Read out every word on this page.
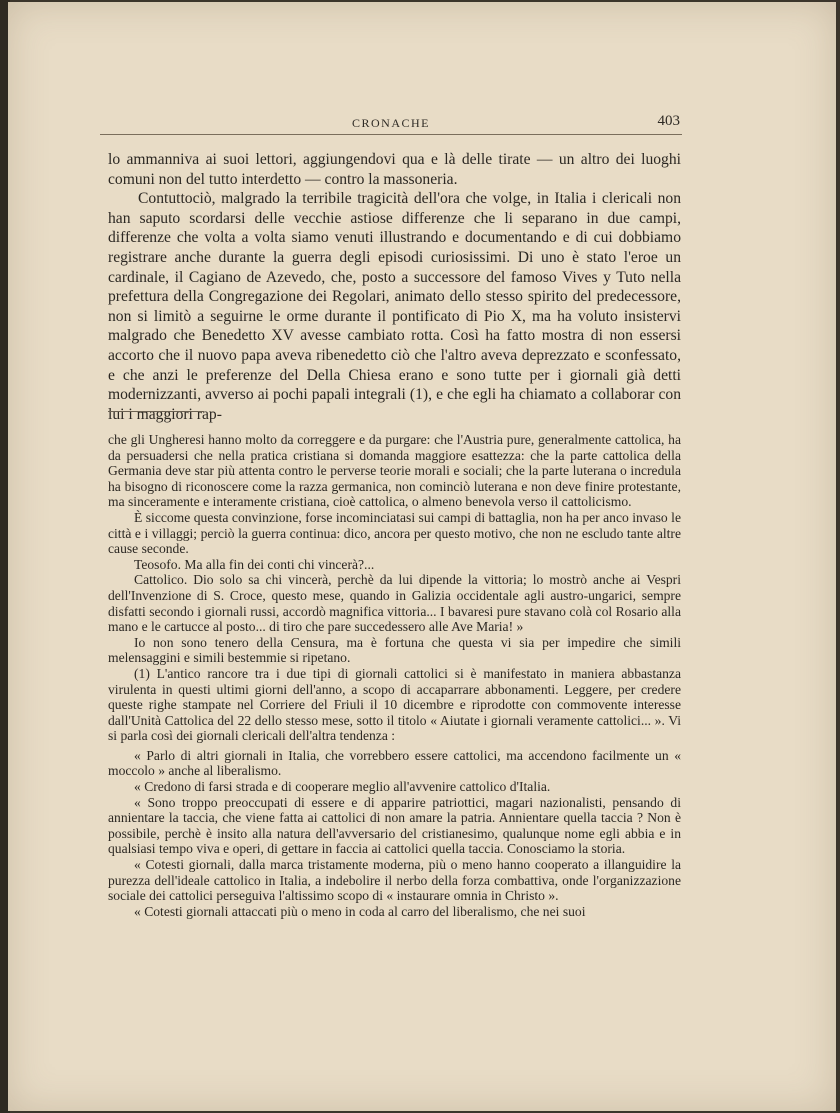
CRONACHE	403

lo ammanniva ai suoi lettori, aggiungendovi qua e là delle tirate — un altro dei luoghi comuni non del tutto interdetto — contro la massoneria.

Contuttociò, malgrado la terribile tragicità dell'ora che volge, in Italia i clericali non han saputo scordarsi delle vecchie astiose differenze che li separano in due campi, differenze che volta a volta siamo venuti illustrando e documentando e di cui dobbiamo registrare anche durante la guerra degli episodi curiosissimi. Di uno è stato l'eroe un cardinale, il Cagiano de Azevedo, che, posto a successore del famoso Vives y Tuto nella prefettura della Congregazione dei Regolari, animato dello stesso spirito del predecessore, non si limitò a seguirne le orme durante il pontificato di Pio X, ma ha voluto insistervi malgrado che Benedetto XV avesse cambiato rotta. Così ha fatto mostra di non essersi accorto che il nuovo papa aveva ribenedetto ciò che l'altro aveva deprezzato e sconfessato, e che anzi le preferenze del Della Chiesa erano e sono tutte per i giornali già detti modernizzanti, avverso ai pochi papali integrali (1), e che egli ha chiamato a collaborar con lui i maggiori rap-

che gli Ungheresi hanno molto da correggere e da purgare: che l'Austria pure, generalmente cattolica, ha da persuadersi che nella pratica cristiana si domanda maggiore esattezza: che la parte cattolica della Germania deve star più attenta contro le perverse teorie morali e sociali; che la parte luterana o incredula ha bisogno di riconoscere come la razza germanica, non cominciò luterana e non deve finire protestante, ma sinceramente e interamente cristiana, cioè cattolica, o almeno benevola verso il cattolicismo.

È siccome questa convinzione, forse incominciatasi sui campi di battaglia, non ha per anco invaso le città e i villaggi; perciò la guerra continua: dico, ancora per questo motivo, che non ne escludo tante altre cause seconde.

Teosofo. Ma alla fin dei conti chi vincerà?...

Cattolico. Dio solo sa chi vincerà, perchè da lui dipende la vittoria; lo mostrò anche ai Vespri dell'Invenzione di S. Croce, questo mese, quando in Galizia occidentale agli austro-ungarici, sempre disfatti secondo i giornali russi, accordò magnifica vittoria... I bavaresi pure stavano colà col Rosario alla mano e le cartucce al posto... di tiro che pare succedessero alle Ave Maria! »

Io non sono tenero della Censura, ma è fortuna che questa vi sia per impedire che simili melensaggini e simili bestemmie si ripetano.

(1) L'antico rancore tra i due tipi di giornali cattolici si è manifestato in maniera abbastanza virulenta in questi ultimi giorni dell'anno, a scopo di accaparrare abbonamenti. Leggere, per credere queste righe stampate nel Corriere del Friuli il 10 dicembre e riprodotte con commovente interesse dall'Unità Cattolica del 22 dello stesso mese, sotto il titolo « Aiutate i giornali veramente cattolici... ». Vi si parla così dei giornali clericali dell'altra tendenza :

« Parlo di altri giornali in Italia, che vorrebbero essere cattolici, ma accendono facilmente un « moccolo » anche al liberalismo.

« Credono di farsi strada e di cooperare meglio all'avvenire cattolico d'Italia.

« Sono troppo preoccupati di essere e di apparire patriottici, magari nazionalisti, pensando di annientare la taccia, che viene fatta ai cattolici di non amare la patria. Annientare quella taccia ? Non è possibile, perchè è insito alla natura dell'avversario del cristianesimo, qualunque nome egli abbia e in qualsiasi tempo viva e operi, di gettare in faccia ai cattolici quella taccia. Conosciamo la storia.

« Cotesti giornali, dalla marca tristamente moderna, più o meno hanno cooperato a illanguidire la purezza dell'ideale cattolico in Italia, a indebolire il nerbo della forza combattiva, onde l'organizzazione sociale dei cattolici perseguiva l'altissimo scopo di « instaurare omnia in Christo ».

« Cotesti giornali attaccati più o meno in coda al carro del liberalismo, che nei suoi
